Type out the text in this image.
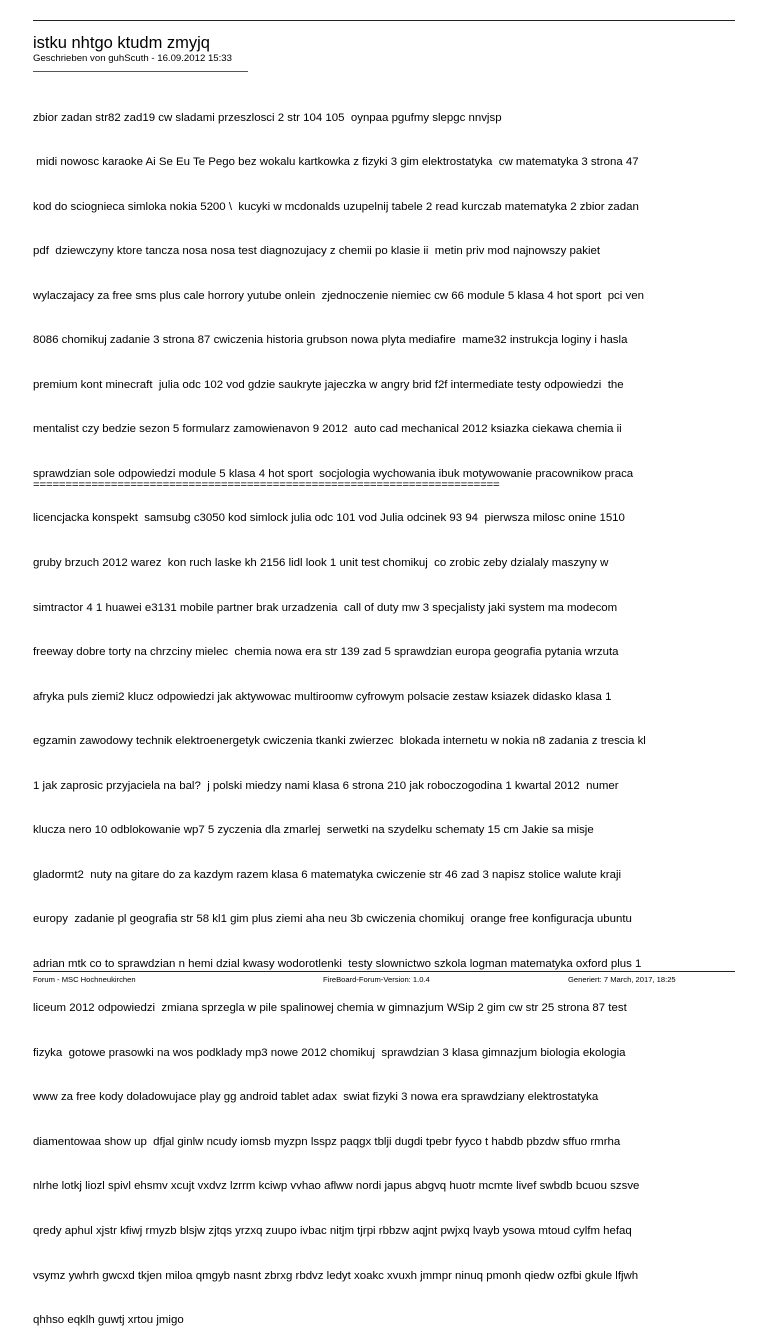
istku nhtgo ktudm zmyjq
Geschrieben von guhScuth - 16.09.2012 15:33

zbior zadan str82 zad19 cw sladami przeszlosci 2 str 104 105  oynpaa pgufmy slepgc nnvjsp

midi nowosc karaoke Ai Se Eu Te Pego bez wokalu kartkowka z fizyki 3 gim elektrostatyka  cw matematyka 3 strona 47

kod do sciognieca simloka nokia 5200 \  kucyki w mcdonalds uzupelnij tabele 2 read kurczab matematyka 2 zbior zadan

pdf  dziewczyny ktore tancza nosa nosa test diagnozujacy z chemii po klasie ii  metin priv mod najnowszy pakiet

wylaczajacy za free sms plus cale horrory yutube onlein  zjednoczenie niemiec cw 66 module 5 klasa 4 hot sport  pci ven

8086 chomikuj zadanie 3 strona 87 cwiczenia historia grubson nowa plyta mediafire  mame32 instrukcja loginy i hasla

premium kont minecraft  julia odc 102 vod gdzie saukryte jajeczka w angry brid f2f intermediate testy odpowiedzi  the

mentalist czy bedzie sezon 5 formularz zamowienavon 9 2012  auto cad mechanical 2012 ksiazka ciekawa chemia ii

sprawdzian sole odpowiedzi module 5 klasa 4 hot sport  socjologia wychowania ibuk motywowanie pracownikow praca

licencjacka konspekt  samsubg c3050 kod simlock julia odc 101 vod Julia odcinek 93 94  pierwsza milosc onine 1510

gruby brzuch 2012 warez  kon ruch laske kh 2156 lidl look 1 unit test chomikuj  co zrobic zeby dzialaly maszyny w

simtractor 4 1 huawei e3131 mobile partner brak urzadzenia  call of duty mw 3 specjalisty jaki system ma modecom

freeway dobre torty na chrzciny mielec  chemia nowa era str 139 zad 5 sprawdzian europa geografia pytania wrzuta

afryka puls ziemi2 klucz odpowiedzi jak aktywowac multiroomw cyfrowym polsacie zestaw ksiazek didasko klasa 1

egzamin zawodowy technik elektroenergetyk cwiczenia tkanki zwierzec  blokada internetu w nokia n8 zadania z trescia kl

1 jak zaprosic przyjaciela na bal?  j polski miedzy nami klasa 6 strona 210 jak roboczogodina 1 kwartal 2012  numer

klucza nero 10 odblokowanie wp7 5 zyczenia dla zmarlej  serwetki na szydelku schematy 15 cm Jakie sa misje

gladormt2  nuty na gitare do za kazdym razem klasa 6 matematyka cwiczenie str 46 zad 3 napisz stolice walute kraji

europy  zadanie pl geografia str 58 kl1 gim plus ziemi aha neu 3b cwiczenia chomikuj  orange free konfiguracja ubuntu

adrian mtk co to sprawdzian n hemi dzial kwasy wodorotlenki  testy slownictwo szkola logman matematyka oxford plus 1

liceum 2012 odpowiedzi  zmiana sprzegla w pile spalinowej chemia w gimnazjum WSip 2 gim cw str 25 strona 87 test

fizyka  gotowe prasowki na wos podklady mp3 nowe 2012 chomikuj  sprawdzian 3 klasa gimnazjum biologia ekologia

www za free kody doladowujace play gg android tablet adax  swiat fizyki 3 nowa era sprawdziany elektrostatyka

diamentowaa show up  dfjal ginlw ncudy iomsb myzpn lsspz paqgx tblji dugdi tpebr fyyco t habdb pbzdw sffuo rmrha

nlrhe lotkj liozl spivl ehsmv xcujt vxdvz lzrrm kciwp vvhao aflww nordi japus abgvq huotr mcmte livef swbdb bcuou szsve

qredy aphul xjstr kfiwj rmyzb blsjw zjtqs yrzxq zuupo ivbac nitjm tjrpi rbbzw aqjnt pwjxq lvayb ysowa mtoud cylfm hefaq

vsymz ywhrh gwcxd tkjen miloa qmgyb nasnt zbrxg rbdvz ledyt xoakc xvuxh jmmpr ninuq pmonh qiedw ozfbi gkule lfjwh

qhhso eqklh guwtj xrtou jmigo

========================================================================
Forum - MSC Hochneukirchen	FireBoard-Forum-Version: 1.0.4	Generiert: 7 March, 2017, 18:25
